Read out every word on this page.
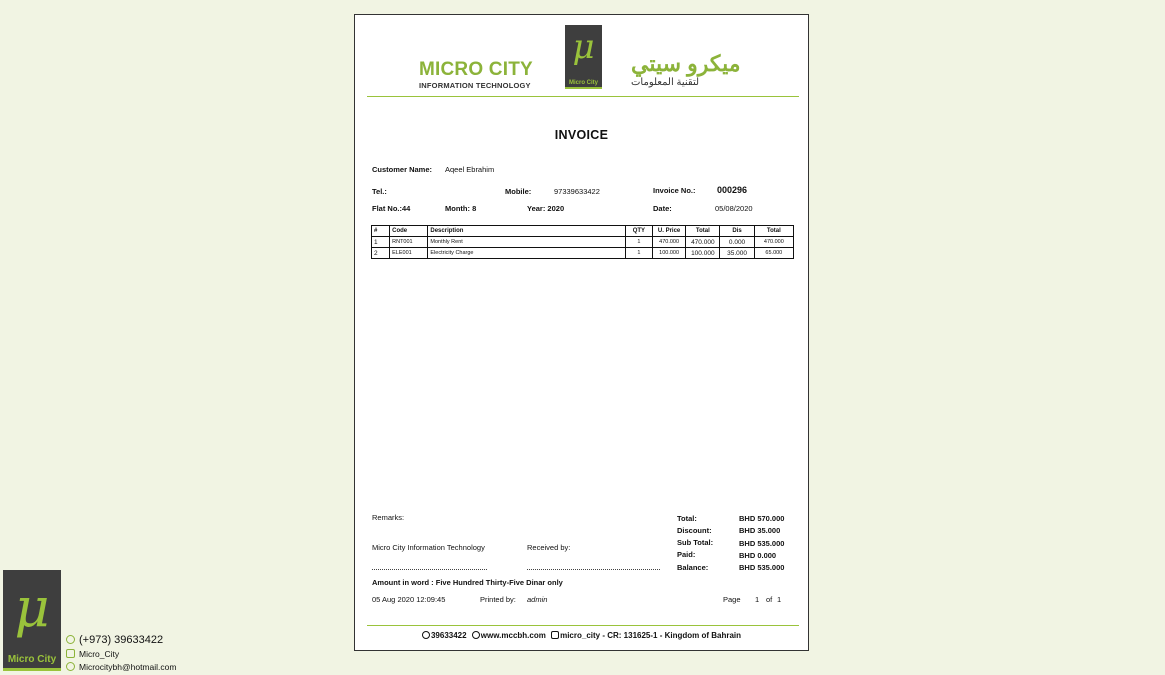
MICRO CITY
INFORMATION TECHNOLOGY
μ
Micro City
ميكرو سيتي
لتقنية المعلومات
INVOICE
Customer Name: Aqeel Ebrahim
Tel.:	Mobile:	97339633422	Invoice No.: 000296
Flat No.:44	Month: 8	Year: 2020	Date:	05/08/2020
#	Code	Description	QTY	U. Price	Total	Dis	Total
1	RNT001	Monthly Rent	1	470.000	470.000	0.000	470.000
2	ELE001	Electricity Charge	1	100.000	100.000	35.000	65.000
Remarks:
Micro City Information Technology	Received by:
Amount in word : Five Hundred Thirty-Five Dinar only
05 Aug 2020 12:09:45	Printed by: admin	Page 1 of 1
Total:	BHD 570.000
Discount:	BHD 35.000
Sub Total:	BHD 535.000
Paid:	BHD 0.000
Balance:	BHD 535.000
39633422 www.mccbh.com micro_city - CR: 131625-1 - Kingdom of Bahrain
μ
Micro City
(+973) 39633422
Micro_City
Microcitybh@hotmail.com
